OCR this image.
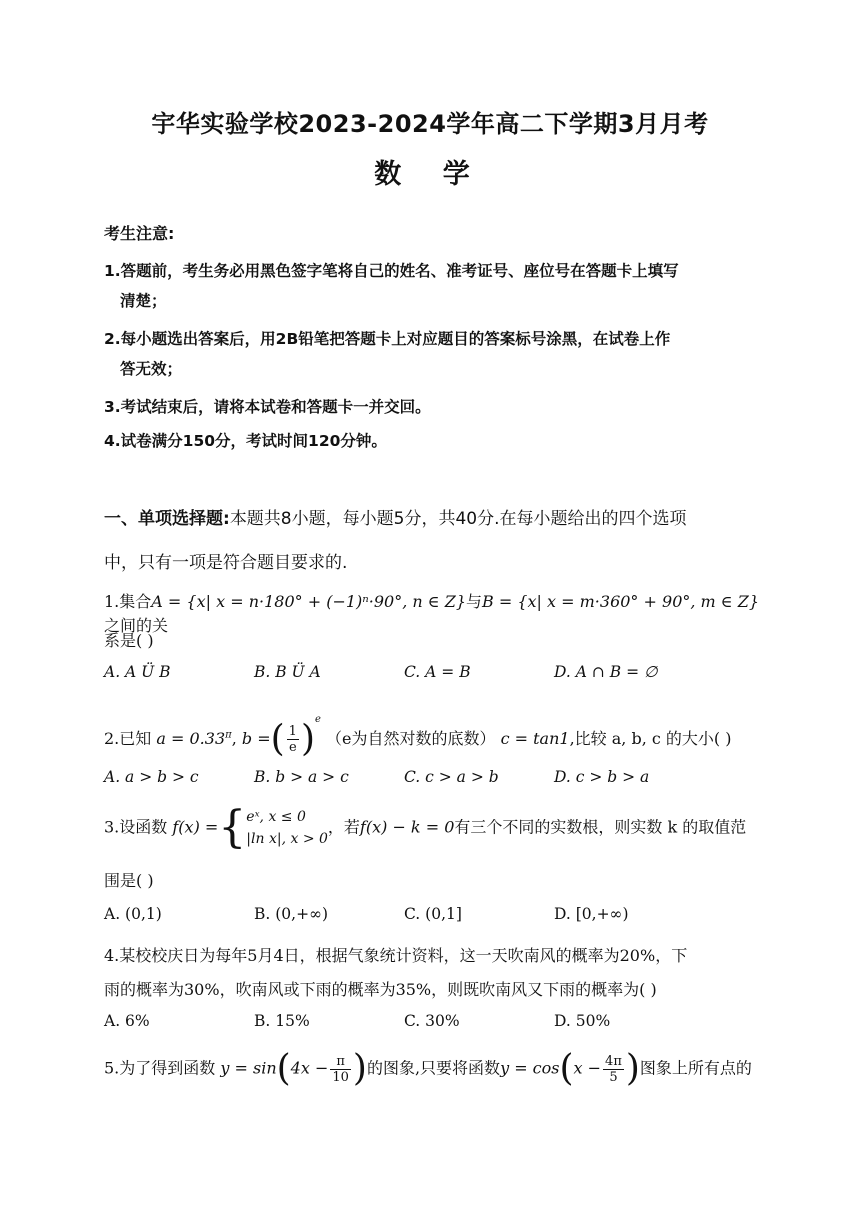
宇华实验学校2023-2024学年高二下学期3月月考
数 学
考生注意:
1.答题前，考生务必用黑色签字笔将自己的姓名、准考证号、座位号在答题卡上填写
清楚；
2.每小题选出答案后，用2B铅笔把答题卡上对应题目的答案标号涂黑，在试卷上作
答无效；
3.考试结束后，请将本试卷和答题卡一并交回。
4.试卷满分150分，考试时间120分钟。
一、单项选择题:本题共8小题，每小题5分，共40分.在每小题给出的四个选项
中，只有一项是符合题目要求的.
1.集合A = {x| x = n·180° + (−1)ⁿ·90°, n ∈ Z}与B = {x| x = m·360° + 90°, m ∈ Z}之间的关
系是( )
A. A Ü B	B. B Ü A	C. A = B	D. A ∩ B = ∅
2.已知 $a = 0.33^\pi$, b =( $\frac{1}{e} )^e$ （e为自然对数的底数） c = tan1,比较 a, b, c 的大小( )
A. a > b > c	B. b > a > c	C. c > a > b	D. c > b > a
3.设函数 f(x) ={ eˣ, x ≤ 0
|ln x|, x > 0
，若f(x) − k = 0有三个不同的实数根，则实数 k 的取值范
围是( )
A. (0,1)	B. (0,+∞)	C. (0,1]	D. [0,+∞)
4.某校校庆日为每年5月4日，根据气象统计资料，这一天吹南风的概率为20%，下
雨的概率为30%，吹南风或下雨的概率为35%，则既吹南风又下雨的概率为( )
A. 6%	B. 15%	C. 30%	D. 50%
5.为了得到函数 $y = \sin(4x - \frac{\pi}{10}$ )的图象,只要将函数$y = \cos(x - \frac{4\pi}{5}$ )图象上所有点的
